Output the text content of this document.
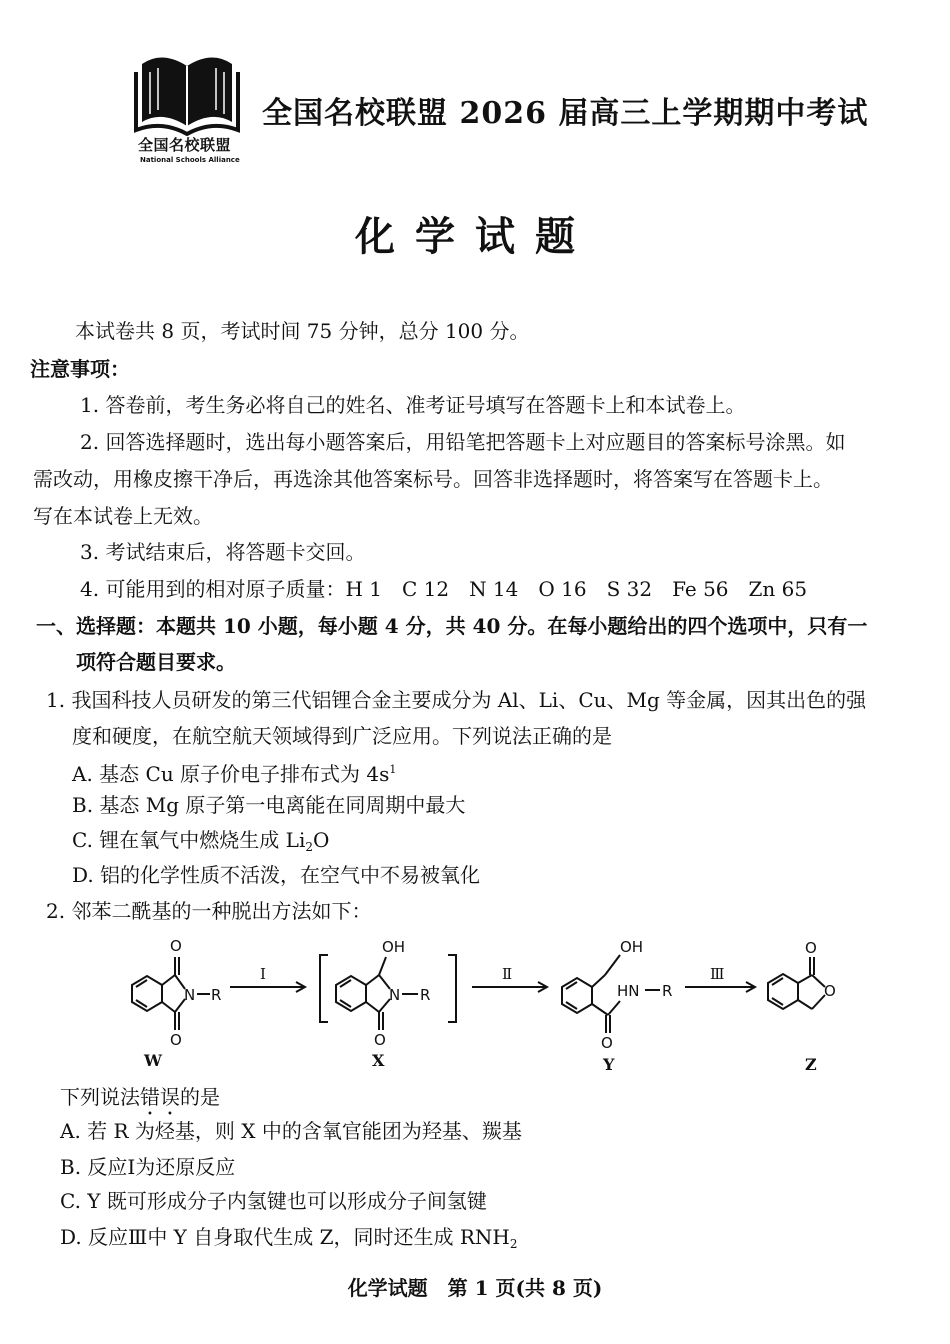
全国名校联盟
National Schools Alliance
全国名校联盟 2026 届高三上学期期中考试
化学试题
本试卷共 8 页，考试时间 75 分钟，总分 100 分。
注意事项：
1. 答卷前，考生务必将自己的姓名、准考证号填写在答题卡上和本试卷上。
2. 回答选择题时，选出每小题答案后，用铅笔把答题卡上对应题目的答案标号涂黑。如
需改动，用橡皮擦干净后，再选涂其他答案标号。回答非选择题时，将答案写在答题卡上。
写在本试卷上无效。
3. 考试结束后，将答题卡交回。
4. 可能用到的相对原子质量：H 1　C 12　N 14　O 16　S 32　Fe 56　Zn 65
一、选择题：本题共 10 小题，每小题 4 分，共 40 分。在每小题给出的四个选项中，只有一
项符合题目要求。
1. 我国科技人员研发的第三代铝锂合金主要成分为 Al、Li、Cu、Mg 等金属，因其出色的强
度和硬度，在航空航天领域得到广泛应用。下列说法正确的是
A. 基态 Cu 原子价电子排布式为 $4s^1$
B. 基态 Mg 原子第一电离能在同周期中最大
C. 锂在氧气中燃烧生成 $Li_2O$
D. 铝的化学性质不活泼，在空气中不易被氧化
2. 邻苯二酰基的一种脱出方法如下：
O
O
N R
Ⅰ	Ⅱ	Ⅲ
OH
O
N R
OH
HN R
O
O
O
W	X	Y	Z
下列说法错误的是
A. 若 R 为烃基，则 X 中的含氧官能团为羟基、羰基
B. 反应Ⅰ为还原反应
C. Y 既可形成分子内氢键也可以形成分子间氢键
D. 反应Ⅲ中 Y 自身取代生成 Z，同时还生成 $RNH_2$
化学试题　第 1 页(共 8 页)
